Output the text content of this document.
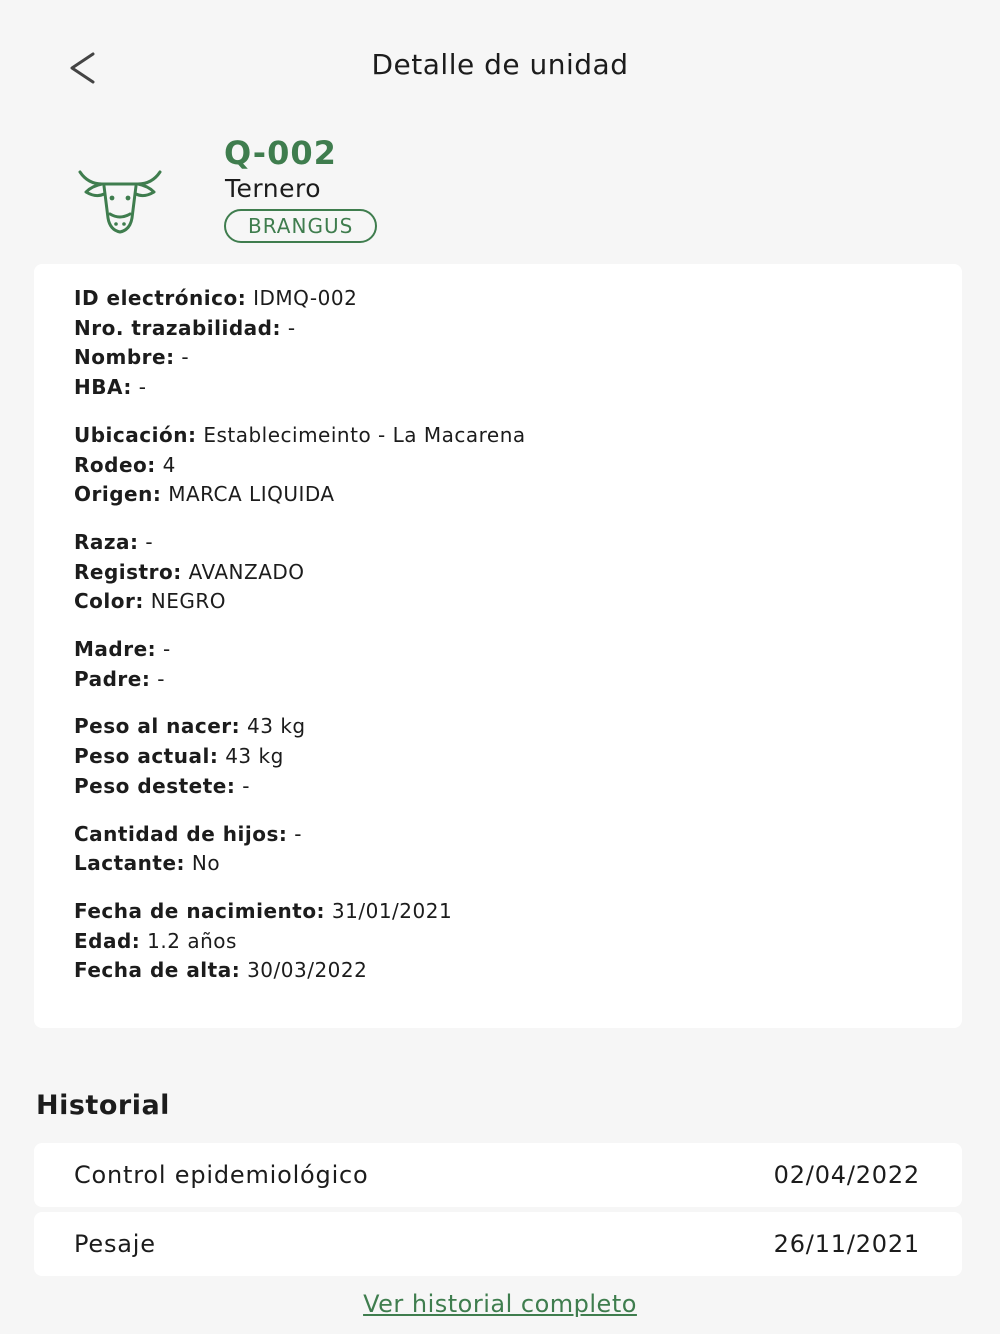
Detalle de unidad
Q-002
Ternero
BRANGUS
ID electrónico: IDMQ-002
Nro. trazabilidad: -
Nombre: -
HBA: -
Ubicación: Establecimeinto - La Macarena
Rodeo: 4
Origen: MARCA LIQUIDA
Raza: -
Registro: AVANZADO
Color: NEGRO
Madre: -
Padre: -
Peso al nacer: 43 kg
Peso actual: 43 kg
Peso destete: -
Cantidad de hijos: -
Lactante: No
Fecha de nacimiento: 31/01/2021
Edad: 1.2 años
Fecha de alta: 30/03/2022
Historial
Control epidemiológico	02/04/2022
Pesaje	26/11/2021
Ver historial completo
